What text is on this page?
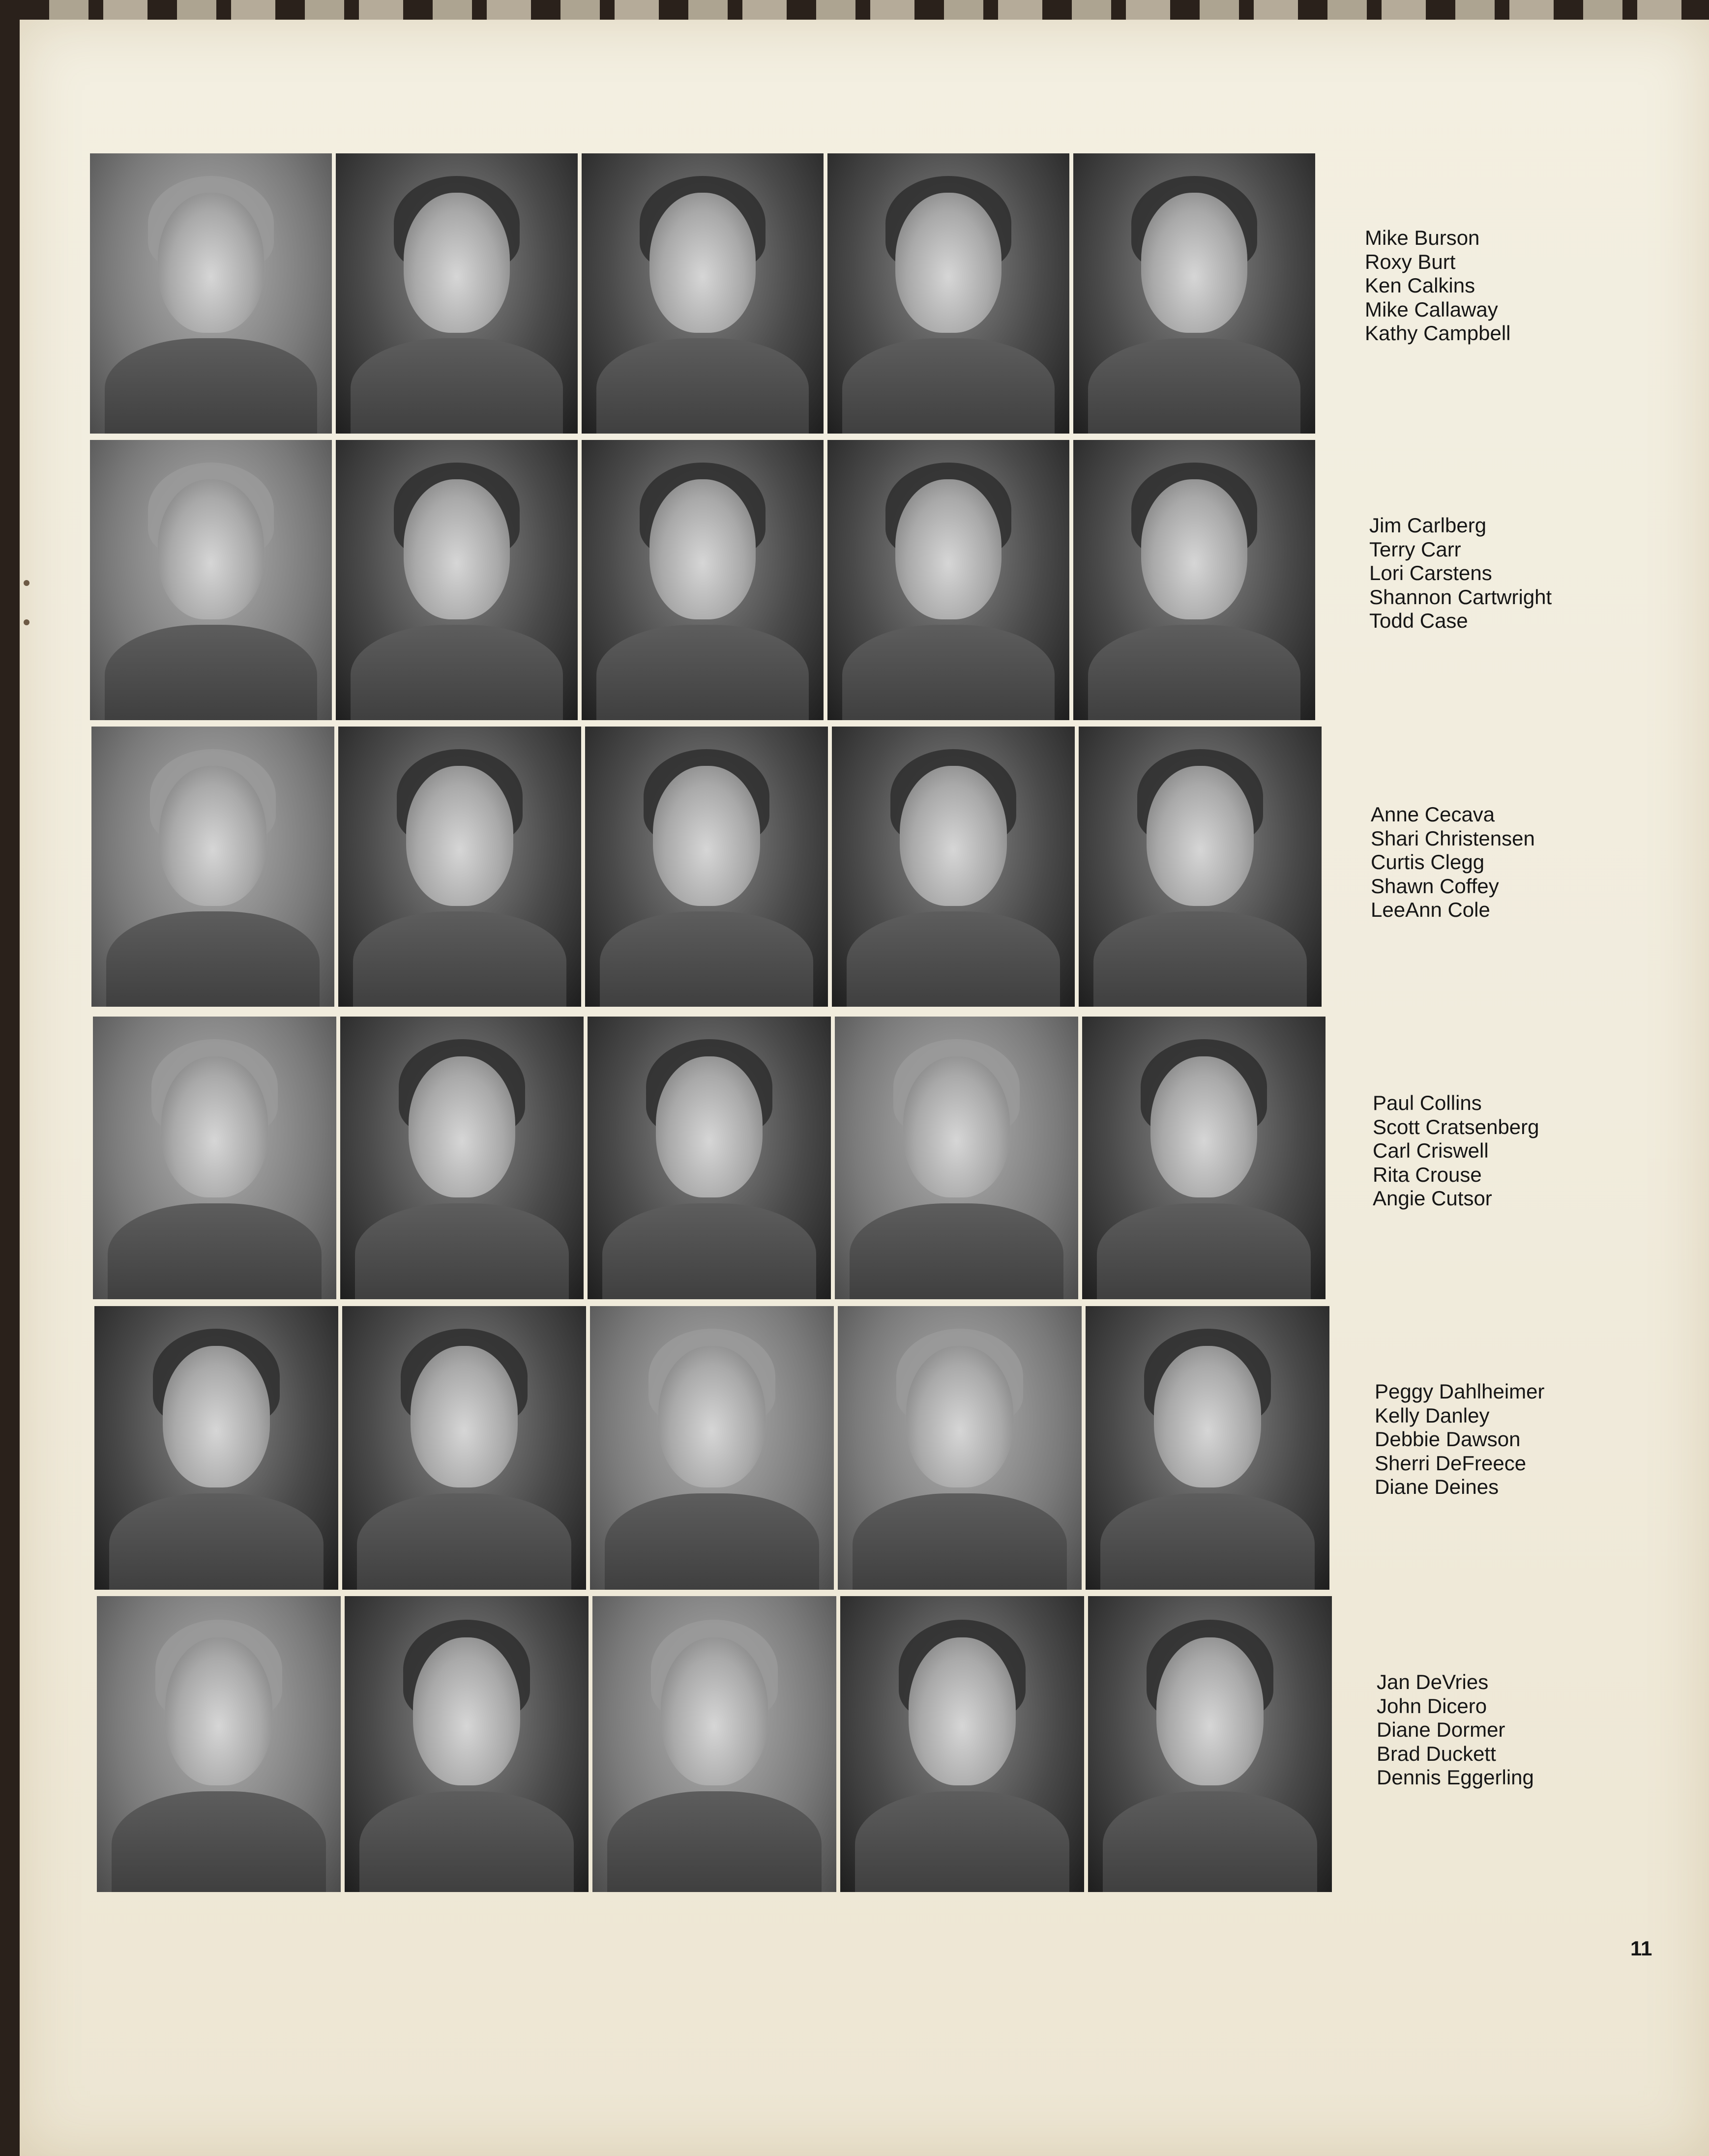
Mike Burson
Roxy Burt
Ken Calkins
Mike Callaway
Kathy Campbell
Jim Carlberg
Terry Carr
Lori Carstens
Shannon Cartwright
Todd Case
Anne Cecava
Shari Christensen
Curtis Clegg
Shawn Coffey
LeeAnn Cole
Paul Collins
Scott Cratsenberg
Carl Criswell
Rita Crouse
Angie Cutsor
Peggy Dahlheimer
Kelly Danley
Debbie Dawson
Sherri DeFreece
Diane Deines
Jan DeVries
John Dicero
Diane Dormer
Brad Duckett
Dennis Eggerling
11
